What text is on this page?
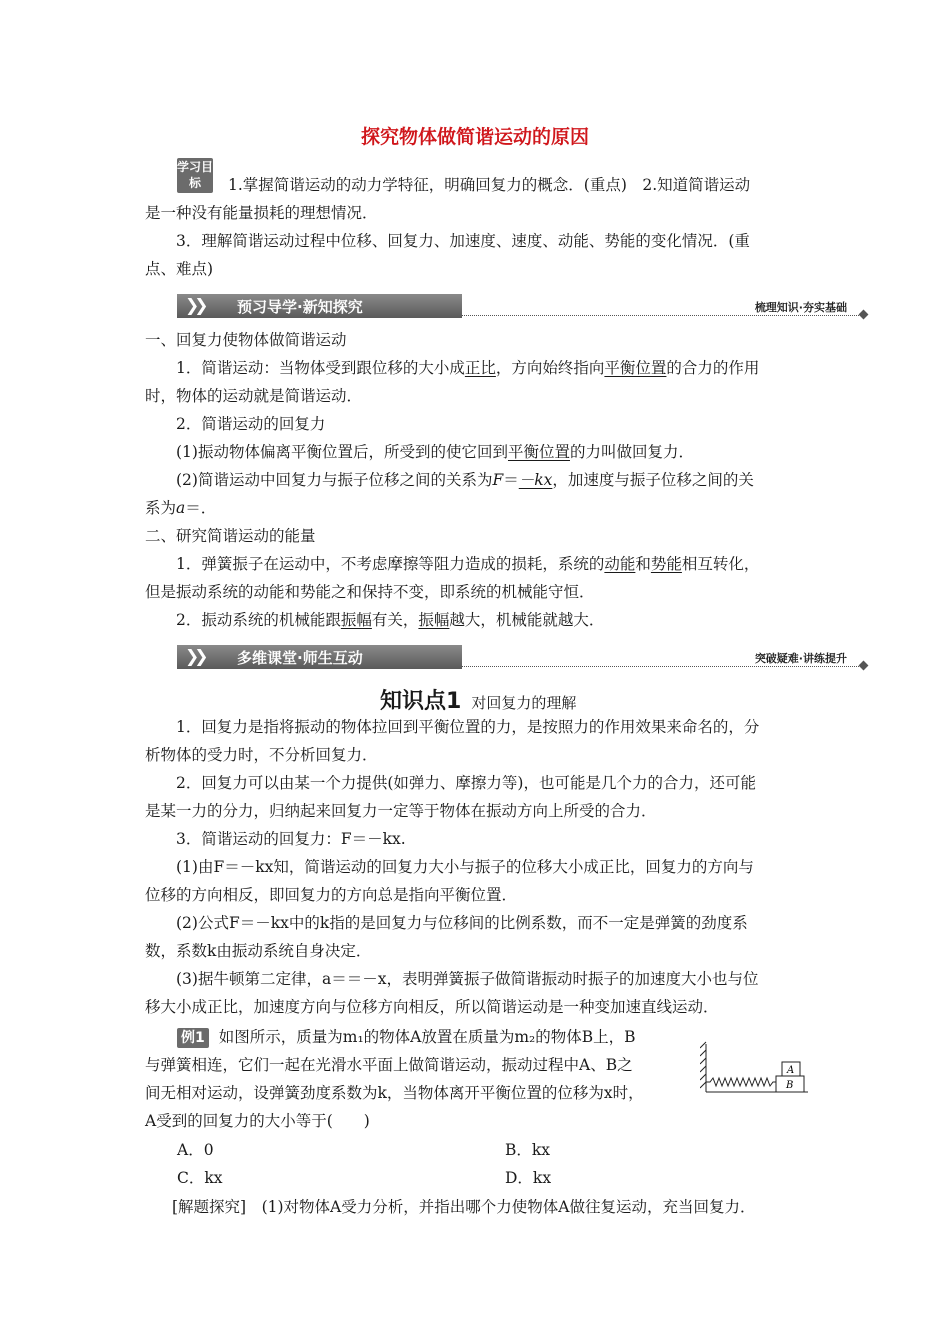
探究物体做简谐运动的原因
学习目标	1.掌握简谐运动的动力学特征，明确回复力的概念．(重点)　2.知道简谐运动

是一种没有能量损耗的理想情况．

3．理解简谐运动过程中位移、回复力、加速度、速度、动能、势能的变化情况．(重

点、难点)

❯❯ 预习导学·新知探究	梳理知识·夯实基础

一、回复力使物体做简谐运动

1．简谐运动：当物体受到跟位移的大小成正比，方向始终指向平衡位置的合力的作用

时，物体的运动就是简谐运动．

2．简谐运动的回复力

(1)振动物体偏离平衡位置后，所受到的使它回到平衡位置的力叫做回复力．

(2)简谐运动中回复力与振子位移之间的关系为F＝－kx，加速度与振子位移之间的关

系为a＝．

二、研究简谐运动的能量

1．弹簧振子在运动中，不考虑摩擦等阻力造成的损耗，系统的动能和势能相互转化，

但是振动系统的动能和势能之和保持不变，即系统的机械能守恒．

2．振动系统的机械能跟振幅有关，振幅越大，机械能就越大．

❯❯ 多维课堂·师生互动	突破疑难·讲练提升
知识点1 对回复力的理解

1．回复力是指将振动的物体拉回到平衡位置的力，是按照力的作用效果来命名的，分

析物体的受力时，不分析回复力．

2．回复力可以由某一个力提供(如弹力、摩擦力等)，也可能是几个力的合力，还可能

是某一力的分力，归纳起来回复力一定等于物体在振动方向上所受的合力．

3．简谐运动的回复力：F＝－kx.

(1)由F＝－kx知，简谐运动的回复力大小与振子的位移大小成正比，回复力的方向与

位移的方向相反，即回复力的方向总是指向平衡位置．

(2)公式F＝－kx中的k指的是回复力与位移间的比例系数，而不一定是弹簧的劲度系

数，系数k由振动系统自身决定．

(3)据牛顿第二定律，a＝＝－x，表明弹簧振子做简谐振动时振子的加速度大小也与位

移大小成正比，加速度方向与位移方向相反，所以简谐运动是一种变加速直线运动．

例1 如图所示，质量为m₁的物体A放置在质量为m₂的物体B上，B

与弹簧相连，它们一起在光滑水平面上做简谐运动，振动过程中A、B之

间无相对运动，设弹簧劲度系数为k，当物体离开平衡位置的位移为x时，

A受到的回复力的大小等于(　　)

A
B
A．0	B．kx
C．kx	D．kx

[解题探究]　(1)对物体A受力分析，并指出哪个力使物体A做往复运动，充当回复力．
